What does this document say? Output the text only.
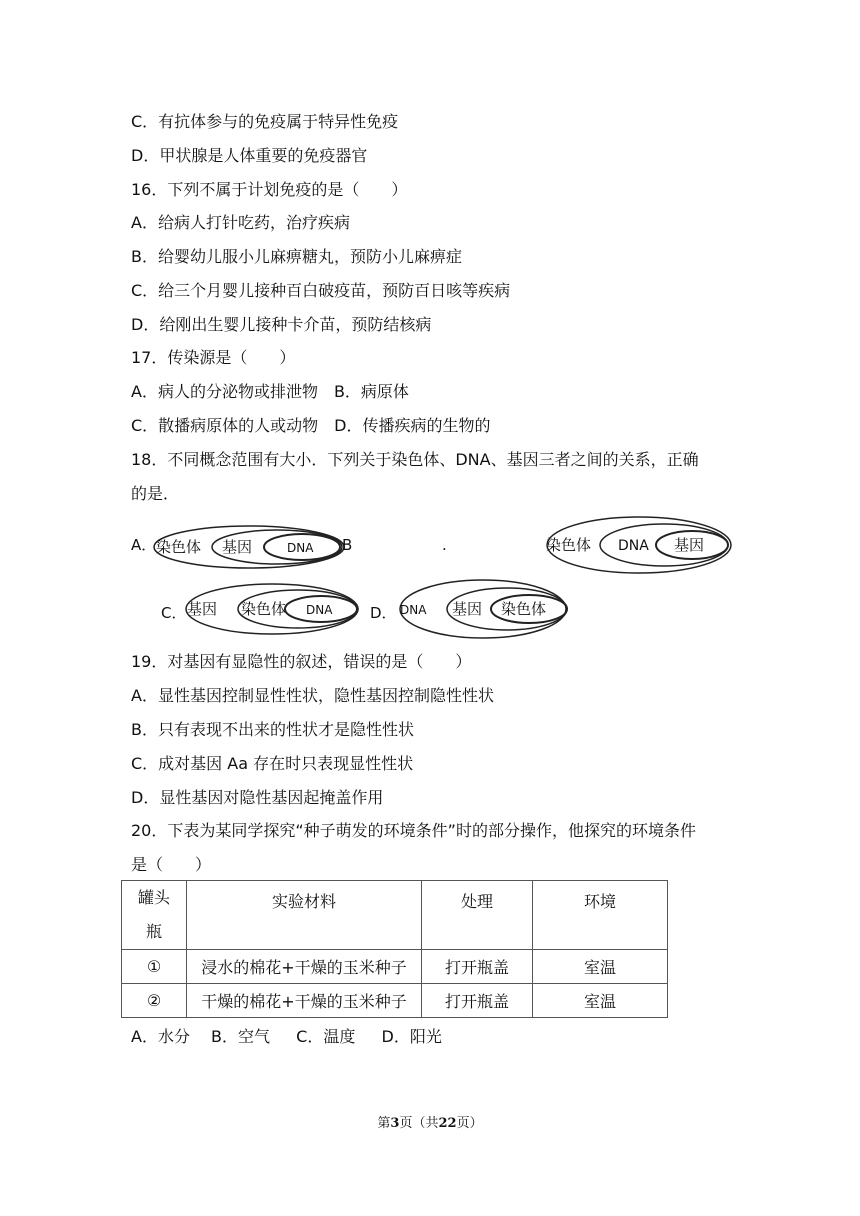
C．有抗体参与的免疫属于特异性免疫
D．甲状腺是人体重要的免疫器官
16．下列不属于计划免疫的是（　　）
A．给病人打针吃药，治疗疾病
B．给婴幼儿服小儿麻痹糖丸，预防小儿麻痹症
C．给三个月婴儿接种百白破疫苗，预防百日咳等疾病
D．给刚出生婴儿接种卡介苗，预防结核病
17．传染源是（　　）
A．病人的分泌物或排泄物　B．病原体
C．散播病原体的人或动物　D．传播疾病的生物的
18．不同概念范围有大小．下列关于染色体、DNA、基因三者之间的关系，正确
的是．
A． 染色体 基因	DNA B	.	染色体 DNA 基因
C． 基因 染色体 DNA	D． DNA 基因 染色体
19．对基因有显隐性的叙述，错误的是（　　）
A．显性基因控制显性性状，隐性基因控制隐性性状
B．只有表现不出来的性状才是隐性性状
C．成对基因 Aa 存在时只表现显性性状
D．显性基因对隐性基因起掩盖作用
20．下表为某同学探究“种子萌发的环境条件”时的部分操作，他探究的环境条件
是（　　）
罐头瓶	实验材料	处理	环境
①	浸水的棉花+干燥的玉米种子	打开瓶盖	室温
②	干燥的棉花+干燥的玉米种子	打开瓶盖	室温
A．水分　 B．空气　  C．温度　  D．阳光
第3页（共22页）
